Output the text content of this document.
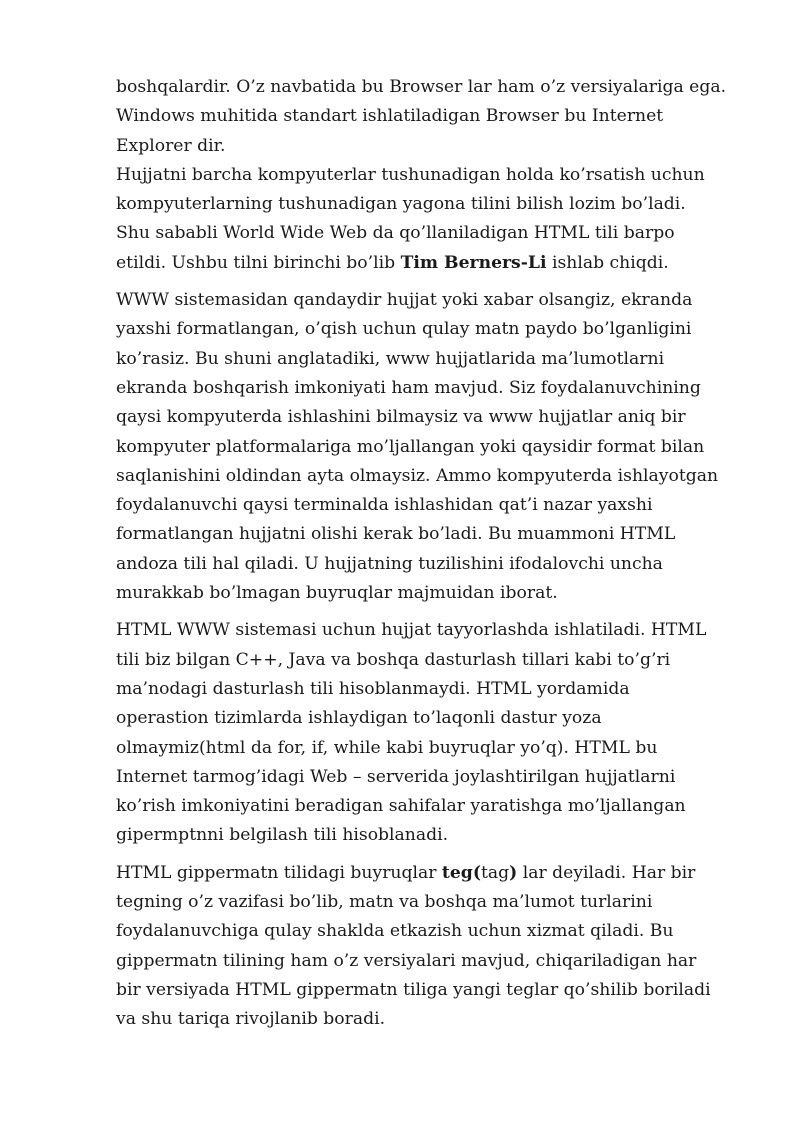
boshqalardir. O’z navbatida bu Browser lar ham o’z versiyalariga ega.
Windows muhitida standart ishlatiladigan Browser bu Internet
Explorer dir.
Hujjatni barcha kompyuterlar tushunadigan holda ko’rsatish uchun
kompyuterlarning tushunadigan yagona tilini bilish lozim bo’ladi.
Shu sababli World Wide Web da qo’llaniladigan HTML tili barpo
etildi. Ushbu tilni birinchi bo’lib Tim Berners-Li ishlab chiqdi.

WWW sistemasidan qandaydir hujjat yoki xabar olsangiz, ekranda
yaxshi formatlangan, o’qish uchun qulay matn paydo bo’lganligini
ko’rasiz. Bu shuni anglatadiki, www hujjatlarida ma’lumotlarni
ekranda boshqarish imkoniyati ham mavjud. Siz foydalanuvchining
qaysi kompyuterda ishlashini bilmaysiz va www hujjatlar aniq bir
kompyuter platformalariga mo’ljallangan yoki qaysidir format bilan
saqlanishini oldindan ayta olmaysiz. Ammo kompyuterda ishlayotgan
foydalanuvchi qaysi terminalda ishlashidan qat’i nazar yaxshi
formatlangan hujjatni olishi kerak bo’ladi. Bu muammoni HTML
andoza tili hal qiladi. U hujjatning tuzilishini ifodalovchi uncha
murakkab bo’lmagan buyruqlar majmuidan iborat.

HTML WWW sistemasi uchun hujjat tayyorlashda ishlatiladi. HTML
tili biz bilgan C++, Java va boshqa dasturlash tillari kabi to’g’ri
ma’nodagi dasturlash tili hisoblanmaydi. HTML yordamida
operastion tizimlarda ishlaydigan to’laqonli dastur yoza
olmaymiz(html da for, if, while kabi buyruqlar yo’q). HTML bu
Internet tarmog’idagi Web – serverida joylashtirilgan hujjatlarni
ko’rish imkoniyatini beradigan sahifalar yaratishga mo’ljallangan
gipermptnni belgilash tili hisoblanadi.

HTML gippermatn tilidagi buyruqlar teg(tag) lar deyiladi. Har bir
tegning o’z vazifasi bo’lib, matn va boshqa ma’lumot turlarini
foydalanuvchiga qulay shaklda etkazish uchun xizmat qiladi. Bu
gippermatn tilining ham o’z versiyalari mavjud, chiqariladigan har
bir versiyada HTML gippermatn tiliga yangi teglar qo’shilib boriladi
va shu tariqa rivojlanib boradi.
